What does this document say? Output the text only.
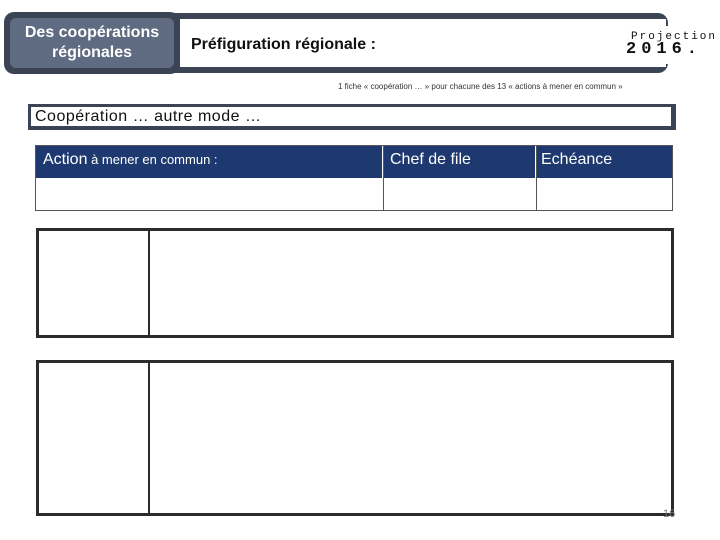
Des coopérations régionales	Préfiguration régionale :	Projection
2016.
1 fiche « coopération … » pour chacune des 13 « actions à mener en commun »
Coopération … autre mode …
Action à mener en commun :	Chef de file	Echéance
16
